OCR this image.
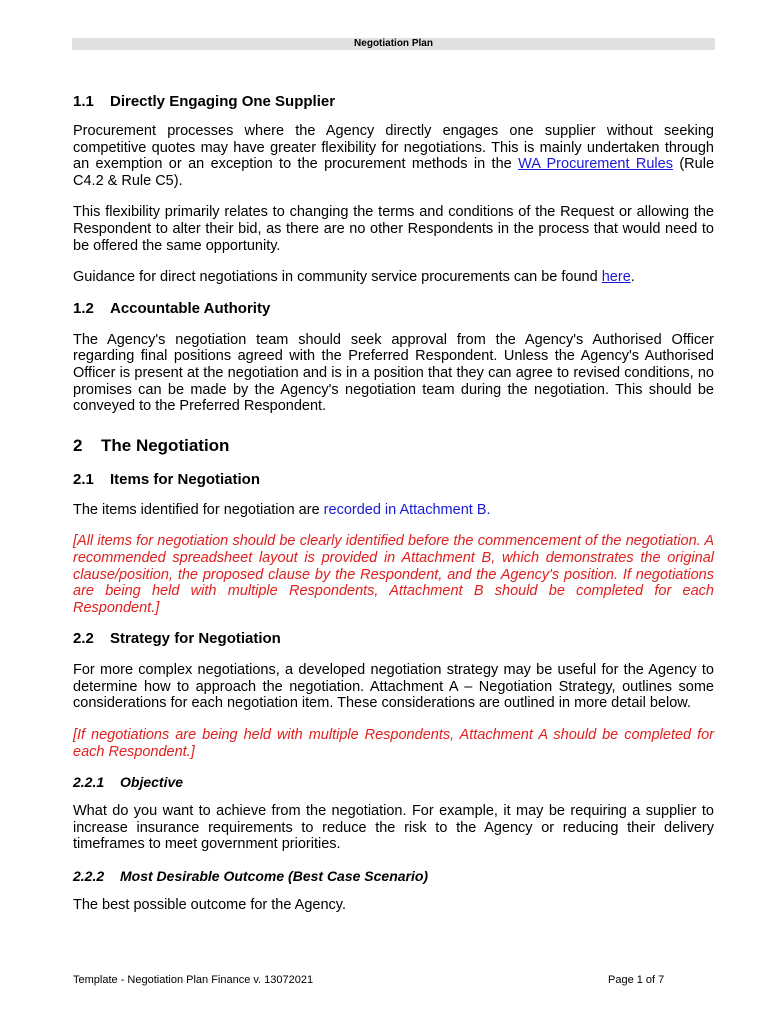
Negotiation Plan
1.1 Directly Engaging One Supplier

Procurement processes where the Agency directly engages one supplier without seeking competitive quotes may have greater flexibility for negotiations. This is mainly undertaken through an exemption or an exception to the procurement methods in the WA Procurement Rules (Rule C4.2 & Rule C5).

This flexibility primarily relates to changing the terms and conditions of the Request or allowing the Respondent to alter their bid, as there are no other Respondents in the process that would need to be offered the same opportunity.

Guidance for direct negotiations in community service procurements can be found here.

1.2 Accountable Authority

The Agency's negotiation team should seek approval from the Agency's Authorised Officer regarding final positions agreed with the Preferred Respondent. Unless the Agency's Authorised Officer is present at the negotiation and is in a position that they can agree to revised conditions, no promises can be made by the Agency's negotiation team during the negotiation. This should be conveyed to the Preferred Respondent.

2 The Negotiation
2.1 Items for Negotiation

The items identified for negotiation are recorded in Attachment B.

[All items for negotiation should be clearly identified before the commencement of the negotiation. A recommended spreadsheet layout is provided in Attachment B, which demonstrates the original clause/position, the proposed clause by the Respondent, and the Agency's position. If negotiations are being held with multiple Respondents, Attachment B should be completed for each Respondent.]

2.2 Strategy for Negotiation

For more complex negotiations, a developed negotiation strategy may be useful for the Agency to determine how to approach the negotiation. Attachment A – Negotiation Strategy, outlines some considerations for each negotiation item. These considerations are outlined in more detail below.

[If negotiations are being held with multiple Respondents, Attachment A should be completed for each Respondent.]

2.2.1 Objective

What do you want to achieve from the negotiation. For example, it may be requiring a supplier to increase insurance requirements to reduce the risk to the Agency or reducing their delivery timeframes to meet government priorities.

2.2.2 Most Desirable Outcome (Best Case Scenario)

The best possible outcome for the Agency.

Template - Negotiation Plan Finance v. 13072021	Page 1 of 7
